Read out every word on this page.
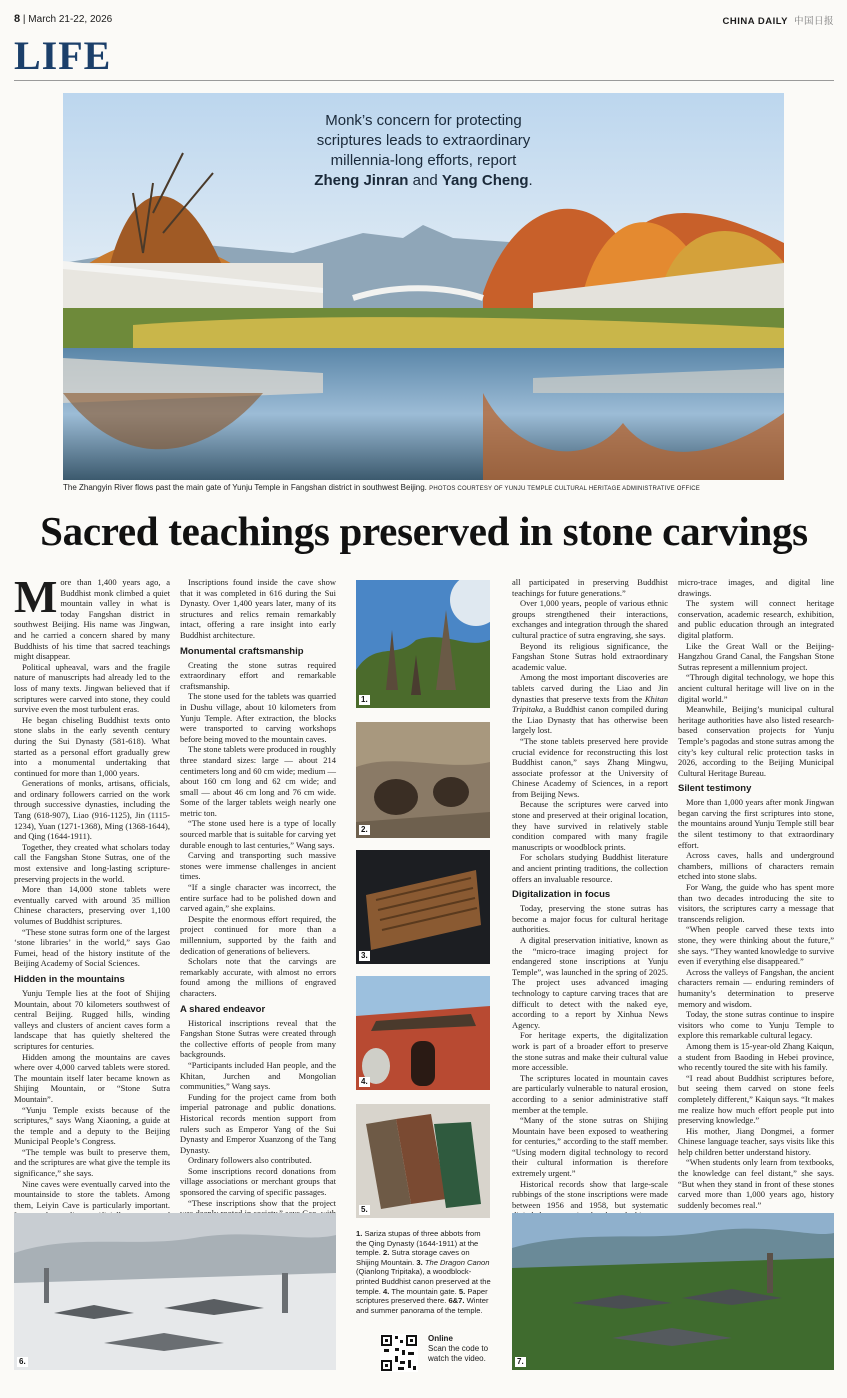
8 | March 21-22, 2026	CHINA DAILY 中国日报
LIFE
Monk’s concern for protecting
scriptures leads to extraordinary
millennia-long efforts, report
Zheng Jinran and Yang Cheng.
The Zhangyin River flows past the main gate of Yunju Temple in Fangshan district in southwest Beijing. PHOTOS COURTESY OF YUNJU TEMPLE CULTURAL HERITAGE ADMINISTRATIVE OFFICE
Sacred teachings preserved in stone carvings

More than 1,400 years ago, a Buddhist monk climbed a quiet mountain valley in what is today Fangshan district in southwest Beijing. His name was Jingwan, and he carried a concern shared by many Buddhists of his time that sacred teachings might disappear.

Political upheaval, wars and the fragile nature of manuscripts had already led to the loss of many texts. Jingwan believed that if scriptures were carved into stone, they could survive even the most turbulent eras.

He began chiseling Buddhist texts onto stone slabs in the early seventh century during the Sui Dynasty (581-618). What started as a personal effort gradually grew into a monumental undertaking that continued for more than 1,000 years.

Generations of monks, artisans, officials, and ordinary followers carried on the work through successive dynasties, including the Tang (618-907), Liao (916-1125), Jin (1115-1234), Yuan (1271-1368), Ming (1368-1644), and Qing (1644-1911).

Together, they created what scholars today call the Fangshan Stone Sutras, one of the most extensive and long-lasting scripture-preserving projects in the world.

More than 14,000 stone tablets were eventually carved with around 35 million Chinese characters, preserving over 1,100 volumes of Buddhist scriptures.

“These stone sutras form one of the largest ‘stone libraries’ in the world,” says Gao Fumei, head of the history institute of the Beijing Academy of Social Sciences.

Hidden in the mountains

Yunju Temple lies at the foot of Shijing Mountain, about 70 kilometers southwest of central Beijing. Rugged hills, winding valleys and clusters of ancient caves form a landscape that has quietly sheltered the scriptures for centuries.

Hidden among the mountains are caves where over 4,000 carved tablets were stored. The mountain itself later became known as Shijing Mountain, or “Stone Sutra Mountain”.

“Yunju Temple exists because of the scriptures,” says Wang Xiaoning, a guide at the temple and a deputy to the Beijing Municipal People’s Congress.

“The temple was built to preserve them, and the scriptures are what give the temple its significance,” she says.

Nine caves were eventually carved into the mountainside to store the tablets. Among them, Leiyin Cave is particularly important.

Inscriptions found inside the cave show that it was completed in 616 during the Sui Dynasty. Over 1,400 years later, many of its structures and relics remain remarkably intact, offering a rare insight into early Buddhist architecture.

Monumental craftsmanship

Creating the stone sutras required extraordinary effort and remarkable craftsmanship.

The stone used for the tablets was quarried in Dushu village, about 10 kilometers from Yunju Temple. After extraction, the blocks were transported to carving workshops before being moved to the mountain caves.

The stone tablets were produced in roughly three standard sizes: large — about 214 centimeters long and 60 cm wide; medium — about 160 cm long and 62 cm wide; and small — about 46 cm long and 76 cm wide. Some of the larger tablets weigh nearly one metric ton.

“The stone used here is a type of locally sourced marble that is suitable for carving yet durable enough to last centuries,” Wang says.

Carving and transporting such massive stones were immense challenges in ancient times.

“If a single character was incorrect, the entire surface had to be polished down and carved again,” she explains.

Despite the enormous effort required, the project continued for more than a millennium, supported by the faith and dedication of generations of believers.

Scholars note that the carvings are remarkably accurate, with almost no errors found among the millions of engraved characters.

A shared endeavor

Historical inscriptions reveal that the Fangshan Stone Sutras were created through the collective efforts of people from many backgrounds.

“Participants included Han people, and the Khitan, Jurchen and Mongolian communities,” Wang says.

Funding for the project came from both imperial patronage and public donations. Historical records mention support from rulers such as Emperor Yang of the Sui Dynasty and Emperor Xuanzong of the Tang Dynasty.

Ordinary followers also contributed.

Some inscriptions record donations from village associations or merchant groups that sponsored the carving of specific passages.

“These inscriptions show that the project

1.
2.
3.
4.
5.
1. Sariza stupas of three abbots from the Qing Dynasty (1644-1911) at the temple. 2. Sutra storage caves on Shijing Mountain. 3. The Dragon Canon (Qianlong Tripitaka), a woodblock-printed Buddhist canon preserved at the temple. 4. The mountain gate. 5. Paper scriptures preserved there. 6&7. Winter and summer panorama of the temple.
Online
Scan the code to watch the video.

all participated in preserving Buddhist teachings for future generations.”

Over 1,000 years, people of various ethnic groups strengthened their interactions, exchanges and integration through the shared cultural practice of sutra engraving, she says.

Beyond its religious significance, the Fangshan Stone Sutras hold extraordinary academic value.

Among the most important discoveries are tablets carved during the Liao and Jin dynasties that preserve texts from the Khitan Tripitaka, a Buddhist canon compiled during the Liao Dynasty that has otherwise been largely lost.

“The stone tablets preserved here provide crucial evidence for reconstructing this lost Buddhist canon,” says Zhang Mingwu, associate professor at the University of Chinese Academy of Sciences, in a report from Beijing News.

Because the scriptures were carved into stone and preserved at their original location, they have survived in relatively stable condition compared with many fragile manuscripts or woodblock prints.

For scholars studying Buddhist literature and ancient printing traditions, the collection offers an invaluable resource.

Digitalization in focus

Today, preserving the stone sutras has become a major focus for cultural heritage authorities.

A digital preservation initiative, known as the “micro-trace imaging project for endangered stone inscriptions at Yunju Temple”, was launched in the spring of 2025. The project uses advanced imaging technology to capture carving traces that are difficult to detect with the naked eye, according to a report by Xinhua News Agency.

For heritage experts, the digitalization work is part of a broader effort to preserve the stone sutras and make their cultural value more accessible.

The scriptures located in mountain caves are particularly vulnerable to natural erosion, according to a senior administrative staff member at the temple.

“Many of the stone sutras on Shijing Mountain have been exposed to weathering for centuries,” according to the staff member. “Using modern digital technology to record their cultural information is therefore extremely urgent.”

Historical records show that large-scale rubbings of the stone inscriptions were made between 1956 and 1958, but systematic

micro-trace images, and digital line drawings.

The system will connect heritage conservation, academic research, exhibition, and public education through an integrated digital platform.

Like the Great Wall or the Beijing-Hangzhou Grand Canal, the Fangshan Stone Sutras represent a millennium project.

“Through digital technology, we hope this ancient cultural heritage will live on in the digital world.”

Meanwhile, Beijing’s municipal cultural heritage authorities have also listed research-based conservation projects for Yunju Temple’s pagodas and stone sutras among the city’s key cultural relic protection tasks in 2026, according to the Beijing Municipal Cultural Heritage Bureau.

Silent testimony

More than 1,000 years after monk Jingwan began carving the first scriptures into stone, the mountains around Yunju Temple still bear the silent testimony to that extraordinary effort.

Across caves, halls and underground chambers, millions of characters remain etched into stone slabs.

For Wang, the guide who has spent more than two decades introducing the site to visitors, the scriptures carry a message that transcends religion.

“When people carved these texts into stone, they were thinking about the future,” she says. “They wanted knowledge to survive even if everything else disappeared.”

Across the valleys of Fangshan, the ancient characters remain — enduring reminders of humanity’s determination to preserve memory and wisdom.

Today, the stone sutras continue to inspire visitors who come to Yunju Temple to explore this remarkable cultural legacy.

Among them is 15-year-old Zhang Kaiqun, a student from Baoding in Hebei province, who recently toured the site with his family.

“I read about Buddhist scriptures before, but seeing them carved on stone feels completely different,” Kaiqun says. “It makes me realize how much effort people put into preserving knowledge.”

His mother, Jiang Dongmei, a former Chinese language teacher, says visits like this help children better understand history.

“When students only learn from textbooks, the knowledge can feel distant,” she says. “But when they stand in front of these stones carved more than 1,000 years ago, history suddenly becomes real.”

6.	7.
